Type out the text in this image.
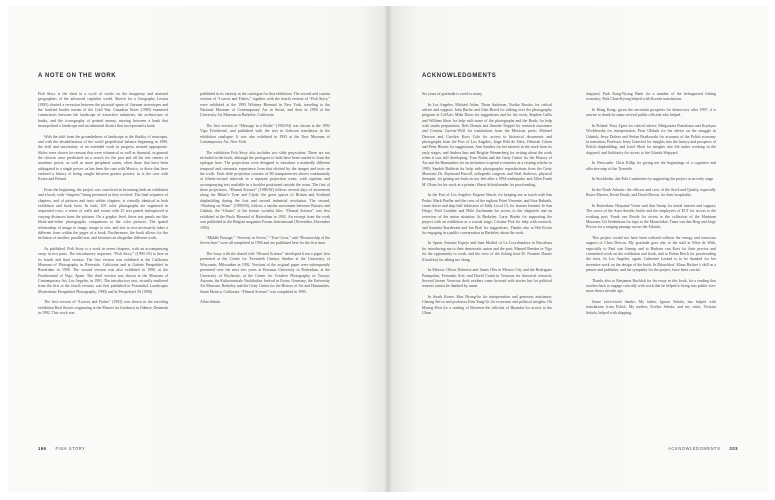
A NOTE ON THE WORK

Fish Story is the third in a cycle of works on the imaginary and material geographies of the advanced capitalist world. Sketch for a Geography Lesson (1983) charted a recession between the pictorial space of German stereotypes and the fortified border terrain of the Cold War. Canadian Notes (1985) examined connections between the landscape of extractive industries, the architecture of banks, and the iconography of printed money, moving between a bank that monopolized a landscape and an industrial district that incorporated a bank.

With the shift from the groundedness of landscape to the fluidity of seascapes, and with the destabilization of the world geopolitical balance beginning in 1989, the drift and uncertainty of an extended work in progress seemed appropriate. Slides were shown for reasons that were whimsical as well as financial, in general the choices were predicated on a search for the port and all the rest centers of maritime power, as well as more peripheral zones, often those that have been subjugated to a single power, as has been the case with Mexico, or those that have endured a history of being caught between greater powers, as is the case with Korea and Poland.

From the beginning, the project was conceived as becoming both an exhibition and a book, with “chapters” being presented as they evolved. The final sequence of chapters, and of pictures and texts within chapters, is virtually identical in both exhibition and book form. In each, 105 color photographs are organized in sequential rows, a series of walls and rooms with 25 text panels interspersed at varying distances from the pictures. On a graphic level, these text panels are like black-and-white photographic companions to the color pictures. The spatial relationship of image to image, image to text, and text to text necessarily takes a different form within the pages of a book. Furthermore, the book allows for the inclusion of another, parallel text, and becomes an altogether different work.

As published, Fish Story is a work in seven chapters, with an accompanying essay in two parts. The introductory sequence, “Fish Story,” (1990–93) is here in its fourth and final version. The first version was exhibited at the California Museum of Photography in Riverside, California and at Galerie Perspektief in Rotterdam in 1990. The second version was also exhibited in 1990, at the Fotobiennial of Vigo, Spain. The third version was shown at the Museum of Contemporary Art, Los Angeles, in 1991. The introductory text, virtually unaltered from the first to the fourth version, was first published in Fotoanthol Landscapes (Rotterdam: Perspektief Photography, 1990) and in Perspektief 39 (1990).

The first version of “Loaves and Fishes” (1992) was shown in the traveling exhibition Real Stories originating at the Museet for fotokunst in Odense, Denmark in 1992. This work was

published in its entirety in the catalogue for that exhibition. The second and current version of “Loaves and Fishes,” together with the fourth version of “Fish Story,” were exhibited at the 1993 Whitney Biennial in New York, traveling to the National Museum of Contemporary Art in Seoul, and then in 1994 at the University Art Museum in Berkeley, California.

The first version of “Message in a Bottle” (1992/94) was shown at the 1992 Vigo Fotobienal, and published with the text in Galician translation in the exhibition catalogue. It was also exhibited in 1993 at the New Museum of Contemporary Art, New York.

The exhibition Fish Story also includes two slide projections. These are not included in the book, although the prologues to both have been carried to form the epilogue here. The projections were designed to introduce a markedly different temporal and cinematic experience from that elicited by the images and texts on the walls. Each slide projection consists of 80 transparencies shown continuously at fifteen-second intervals in a separate projection room, with captions and accompanying text available in a booklet positioned outside the room. The first of these projections, “Dismal Science” (1989/92) follows several days of movement along the Rhine’s Tyne and Clyde, the great spaces of Britain and Scotland shipbuilding during the first and second industrial revolution. The second, “Working on Water” (1990/93), follows a similar movement between Warsaw and Gdańsk, the “Ghosts” of the former socialist bloc. “Dismal Science” was first exhibited at the Paolo Biennial of Rotterdam in 1992. An excerpt from the work was published in the Belgian magazine Forum International (November–December 1992).

“Middle Passage,” “Severity in Seven,” “True Cross,” and “Dictatorship of the Seven Seas” were all completed in 1994 and are published here for the first time.

The essay with the shared title “Dismal Science” developed from a paper first presented at the Center for Twentieth Century Studies at the University of Wisconsin, Milwaukee in 1992. Versions of the original paper were subsequently presented over the next two years at Erasmus University in Rotterdam, at the University of Rochester, at the Center for Creative Photography in Tucson, Arizona, the Kulturzentrale Nachtkultur festival in Essen, Germany, the University Art Museum, Berkeley and the Getty Center for the History of Art and Humanities, Santa Monica, California. “Dismal Science” was completed in 1995.

Allan Sekula

166 FISH STORY
ACKNOWLEDGMENTS

Six years of gratitude is owed to many.

In Los Angeles: Michael Asher, Thom Andersen, Noriko Brooks, for critical advice and support; John Bache and Glen Breed for talking over the photography program at CalArts; Mike Davis for suggestions and for his work; Stephen Callis and William Short for help with some of the photographs and the Brady for help with studio preparation; Nels Dennis and Annette Kappel for research assistance and Cristina Cuevas-Wolf for translations from the Mexican press; Michael Dawson and Carolyn Koos Cole for access to historical documents and photographs from the Port of Los Angeles; Jorge Ribi de Silva, Deborah Cohen and Peter Bloom for suggestions; Ann Sanders for her interest in the work from its early stages; and Andrea Imo and Brigitte Wennerberg for writing about the work when it was still developing; Tom Nolan and the Getty Center for the History of Art and the Humanities for an invitation to spend a semester as a visiting scholar in 1993; Sandeh Baldwin for help with photographic reproductions from the Getty Museum; Dr. Raymond Purcell, orthopedic surgeon, and Neal Andrews, physical therapist, for getting me back on my feet after a 1994 earthquake; and Allen Frank M. Olsen for his work as a printer; Sherri Schottlaender for proofreading.

In the Port of Los Angeles: Eugene Neuch, for keeping me in touch with San Pedro; Mark Pueller and the crew of the tugboat Point Vincente, and Siva Buknith, crane driver and ship hull fabricator of Eddy Local 13, for lessons learned; In San Diego: Fred Lonidier and Phile Zachmann for access to the shipyards and an overview of the union situation; In Berkeley: Larry Rinder for supporting the project with an exhibition at a crucial stage; Cristine Fisk for help with research, and Saundra Sturdevant and Ian Boal for suggestions. Thanks also to Hal Foster for engaging in a public conversation in Berkeley about the work.

In Spain: Antonio Espejo and Juan Madrid of La Coordinadora in Barcelona for introducing me to their democratic union and the port; Manuel Rendon in Vigo for the opportunity to work, and the crew of the fishing boat M. Nonsine Duarte (Gualeira) for taking me along.

In Mexico: Oliver Debroise and James Oles in Mexico City and the Rodriguez Prampolini, Fernando Arle, and David Cotini in Veracruz for historical research; Several former Veracruz dock workers came forward with stories but for political reasons cannot be thanked by name.

In South Korea: Kim Hyung-bo for interpretation and generous assistance; Cheong Sei-ro and professor Kim Yong-Gi for economic and political insights; Oh Myung-Won for a reading of Between the officials of Hyundai for access to the Ulsan

shipyard, Park Kang-Nyung Bank for a number of the beleaguered fishing economy; Park Chan-Kyong helped with Korean translations.

In Hong Kong: given the uncertain prospects for democracy after 1997, it is unwise to thank by name several public officials who helped.

In Poland: Tony Zgres for critical advice; Malgorzata Pomaloma and Krystyna Wroblewska for interpretation; Piotr Oleksik for his advice on the struggle in Gdańsk; Jerzy Duleza and Stefan Bratkowski for accounts of the Polish economy in transition; Professor Jerzy Grzechol for insights into the history and prospects of Polish shipbuilding; and Jozef Skoti for insights into life under working in the shipyard; and Solidarity for access to the Gdańsk Shipyard.

In Newcastle: Chris Killip for giving me the beginnings of a cognitive and affective map of the Tyneside.

In Stockholm: Jan-Erik Lundström for supporting the project at an early stage.

In the North Atlantic: the officers and crew of the Sea-Land Quality, especially Bruce Marren, Kevin Brady, and David Brown, for their hospitality.

In Rotterdam: Hripsimé Visser and Ann Snoep for initial interest and support; The crews of the Aura Aerobic bottle and the employees of ECT for access to the working port; Frank van Roode for access to the collection of the Maritiem Museum; Gil Seidenhaus for trips to the Maasvlakte; Tania van den Berg and Jorge Pecoro for a ranging passage across the Atlantic.

This project would not have been realized without the energy and tenacious support of Chris Dercon. My gratitude goes also to the staff at Witte de With, especially to Paul van Gennip and to Barbara van Koet for their precise and committed work on the exhibition and book, and to Robin Reich for proofreading the texts. In Los Angeles, again, Catherine Lorand is to be thanked for her inventive work on the design of the book. In Düsseldorf, Klaus Richter’s skill as a printer and publisher, and his sympathy for the project, have been crucial.

Thanks also to Benjamin Buchloh for his essay in this book, for a reading that reaches back to engage critically with work that he helped to bring into public view more than a decade ago.

Some extra-sweet thanks: My father, Ignace Sekula, has helped with translations from Polish. My mother, Evelyn Sekula, and my sister, Victoria Sekula, helped with shipping.

ACKNOWLEDGMENTS 203
